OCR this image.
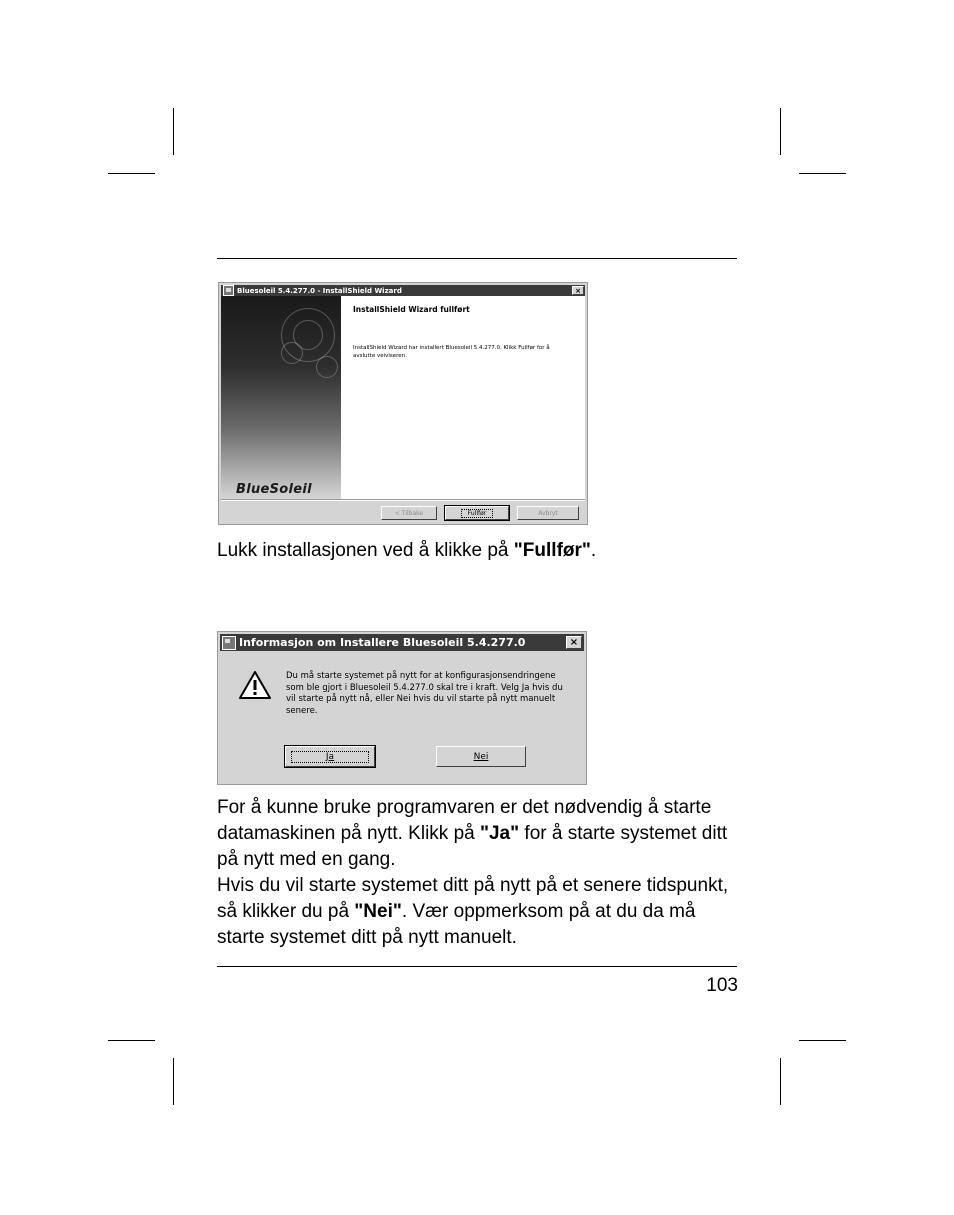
Bluesoleil 5.4.277.0 - InstallShield Wizard	×
BlueSoleil
InstallShield Wizard fullført
InstallShield Wizard har installert Bluesoleil 5.4.277.0. Klikk Fullfør for å avslutte veiviseren.
< Tilbake	Fullfør	Avbryt
Lukk installasjonen ved å klikke på "Fullfør".
Informasjon om Installere Bluesoleil 5.4.277.0	×
Du må starte systemet på nytt for at konfigurasjonsendringene som ble gjort i Bluesoleil 5.4.277.0 skal tre i kraft. Velg Ja hvis du vil starte på nytt nå, eller Nei hvis du vil starte på nytt manuelt senere.
Ja	Nei
For å kunne bruke programvaren er det nødvendig å starte datamaskinen på nytt. Klikk på "Ja" for å starte systemet ditt på nytt med en gang.
Hvis du vil starte systemet ditt på nytt på et senere tidspunkt, så klikker du på "Nei". Vær oppmerksom på at du da må starte systemet ditt på nytt manuelt.
103
